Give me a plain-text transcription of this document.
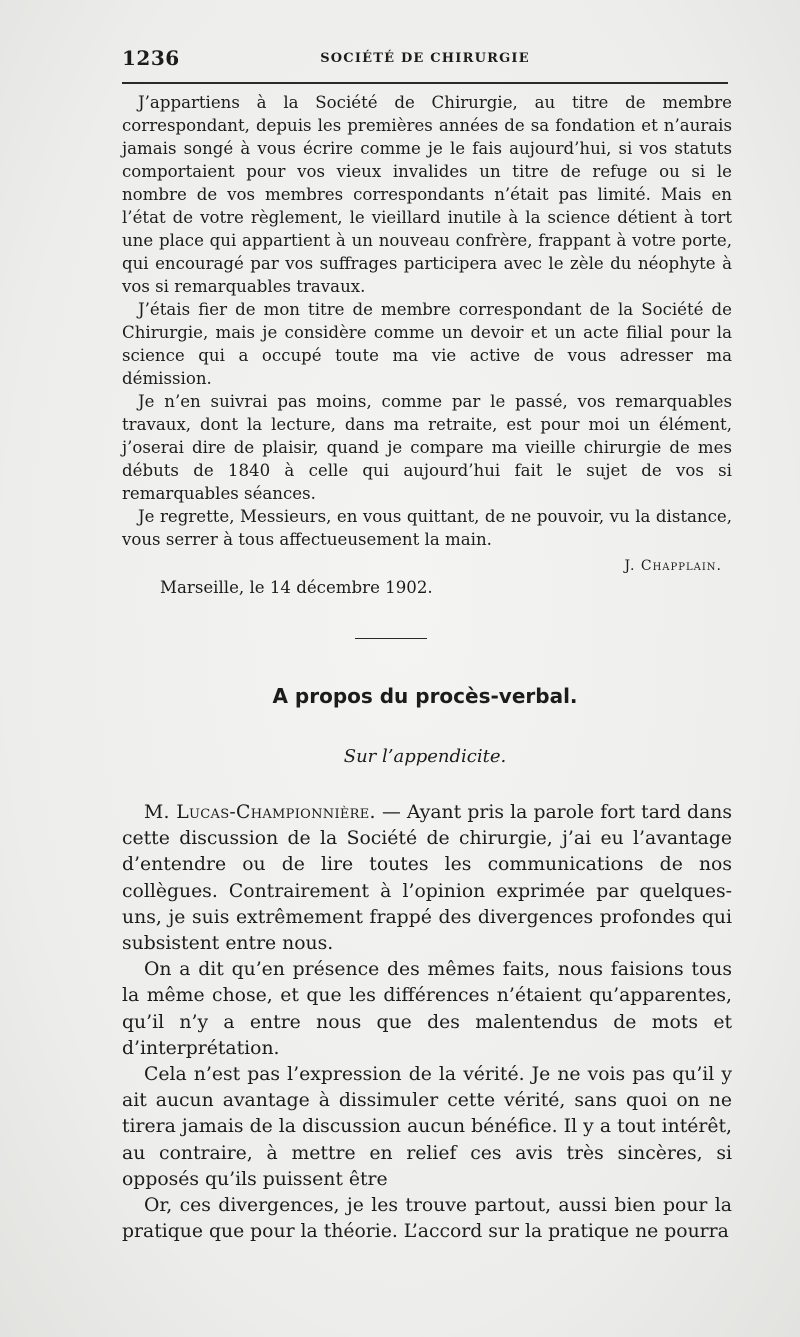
1236	SOCIÉTÉ DE CHIRURGIE

J’appartiens à la Société de Chirurgie, au titre de membre correspondant, depuis les premières années de sa fondation et n’aurais jamais songé à vous écrire comme je le fais aujourd’hui, si vos statuts comportaient pour vos vieux invalides un titre de refuge ou si le nombre de vos membres correspondants n’était pas limité. Mais en l’état de votre règlement, le vieillard inutile à la science détient à tort une place qui appartient à un nouveau confrère, frappant à votre porte, qui encouragé par vos suffrages participera avec le zèle du néophyte à vos si remarquables travaux.

J’étais fier de mon titre de membre correspondant de la Société de Chirurgie, mais je considère comme un devoir et un acte filial pour la science qui a occupé toute ma vie active de vous adresser ma démission.

Je n’en suivrai pas moins, comme par le passé, vos remarquables travaux, dont la lecture, dans ma retraite, est pour moi un élément, j’oserai dire de plaisir, quand je compare ma vieille chirurgie de mes débuts de 1840 à celle qui aujourd’hui fait le sujet de vos si remarquables séances.

Je regrette, Messieurs, en vous quittant, de ne pouvoir, vu la distance, vous serrer à tous affectueusement la main.

J. Chapplain.
Marseille, le 14 décembre 1902.
A propos du procès-verbal.
Sur l’appendicite.

M. Lucas-Championnière. — Ayant pris la parole fort tard dans cette discussion de la Société de chirurgie, j’ai eu l’avantage d’entendre ou de lire toutes les communications de nos collègues. Contrairement à l’opinion exprimée par quelques-uns, je suis extrêmement frappé des divergences profondes qui subsistent entre nous.

On a dit qu’en présence des mêmes faits, nous faisions tous la même chose, et que les différences n’étaient qu’apparentes, qu’il n’y a entre nous que des malentendus de mots et d’interprétation.

Cela n’est pas l’expression de la vérité. Je ne vois pas qu’il y ait aucun avantage à dissimuler cette vérité, sans quoi on ne tirera jamais de la discussion aucun bénéfice. Il y a tout intérêt, au contraire, à mettre en relief ces avis très sincères, si opposés qu’ils puissent être

Or, ces divergences, je les trouve partout, aussi bien pour la pratique que pour la théorie. L’accord sur la pratique ne pourra
